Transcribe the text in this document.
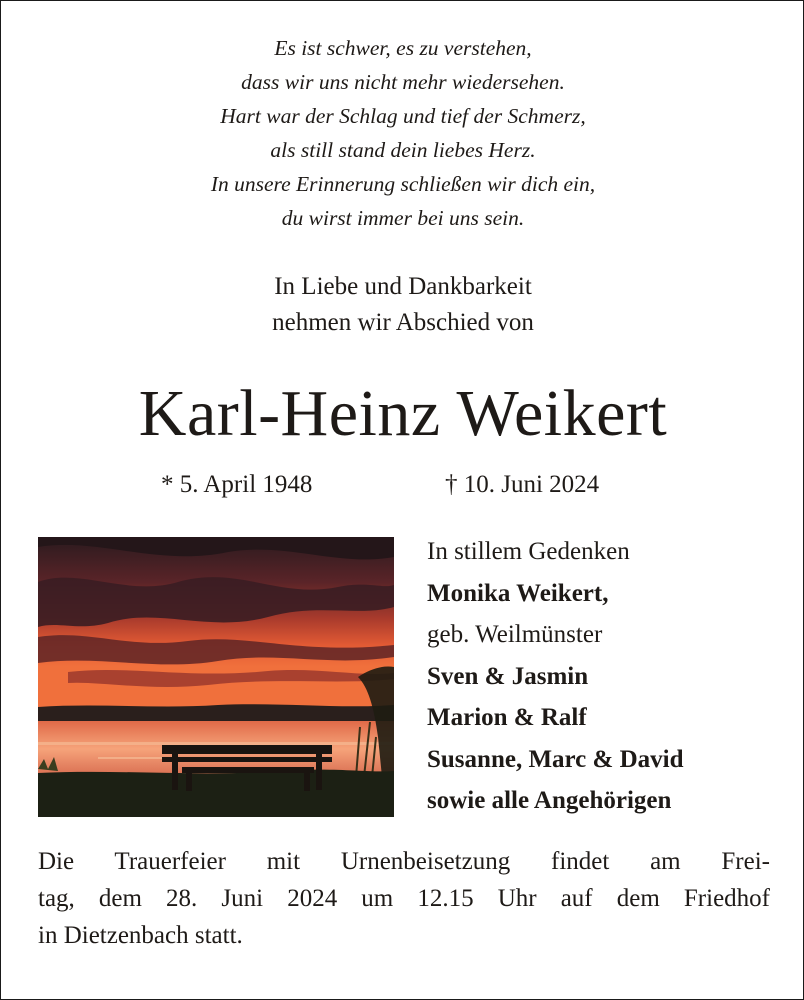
Es ist schwer, es zu verstehen,
dass wir uns nicht mehr wiedersehen.
Hart war der Schlag und tief der Schmerz,
als still stand dein liebes Herz.
In unsere Erinnerung schließen wir dich ein,
du wirst immer bei uns sein.
In Liebe und Dankbarkeit
nehmen wir Abschied von
Karl-Heinz Weikert
* 5. April 1948	† 10. Juni 2024
In stillem Gedenken
Monika Weikert,
geb. Weilmünster
Sven & Jasmin
Marion & Ralf
Susanne, Marc & David
sowie alle Angehörigen
Die Trauerfeier mit Urnenbeisetzung findet am Frei-
tag, dem 28. Juni 2024 um 12.15 Uhr auf dem Friedhof
in Dietzenbach statt.
